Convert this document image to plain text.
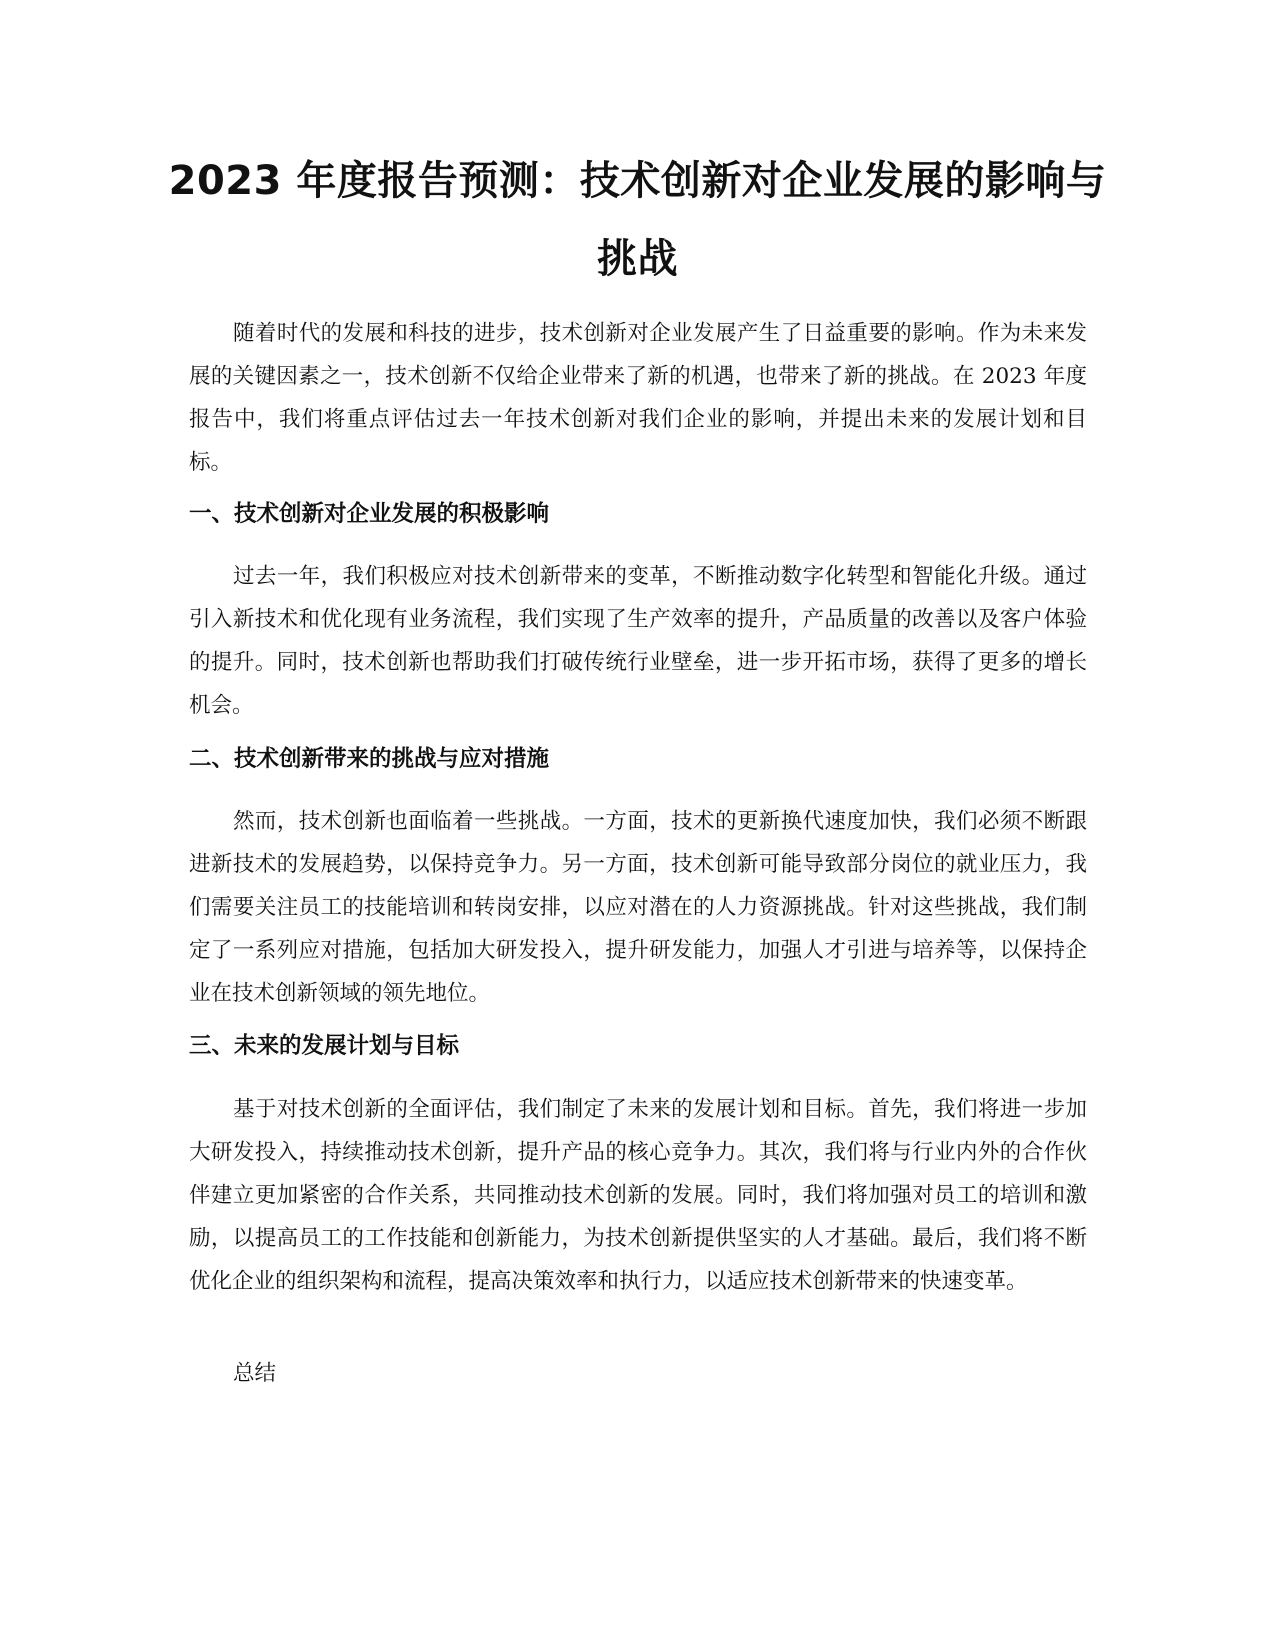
2023 年度报告预测：技术创新对企业发展的影响与挑战

随着时代的发展和科技的进步，技术创新对企业发展产生了日益重要的影响。作为未来发展的关键因素之一，技术创新不仅给企业带来了新的机遇，也带来了新的挑战。在 2023 年度报告中，我们将重点评估过去一年技术创新对我们企业的影响，并提出未来的发展计划和目标。

一、技术创新对企业发展的积极影响

过去一年，我们积极应对技术创新带来的变革，不断推动数字化转型和智能化升级。通过引入新技术和优化现有业务流程，我们实现了生产效率的提升，产品质量的改善以及客户体验的提升。同时，技术创新也帮助我们打破传统行业壁垒，进一步开拓市场，获得了更多的增长机会。

二、技术创新带来的挑战与应对措施

然而，技术创新也面临着一些挑战。一方面，技术的更新换代速度加快，我们必须不断跟进新技术的发展趋势，以保持竞争力。另一方面，技术创新可能导致部分岗位的就业压力，我们需要关注员工的技能培训和转岗安排，以应对潜在的人力资源挑战。针对这些挑战，我们制定了一系列应对措施，包括加大研发投入，提升研发能力，加强人才引进与培养等，以保持企业在技术创新领域的领先地位。

三、未来的发展计划与目标

基于对技术创新的全面评估，我们制定了未来的发展计划和目标。首先，我们将进一步加大研发投入，持续推动技术创新，提升产品的核心竞争力。其次，我们将与行业内外的合作伙伴建立更加紧密的合作关系，共同推动技术创新的发展。同时，我们将加强对员工的培训和激励，以提高员工的工作技能和创新能力，为技术创新提供坚实的人才基础。最后，我们将不断优化企业的组织架构和流程，提高决策效率和执行力，以适应技术创新带来的快速变革。

总结
